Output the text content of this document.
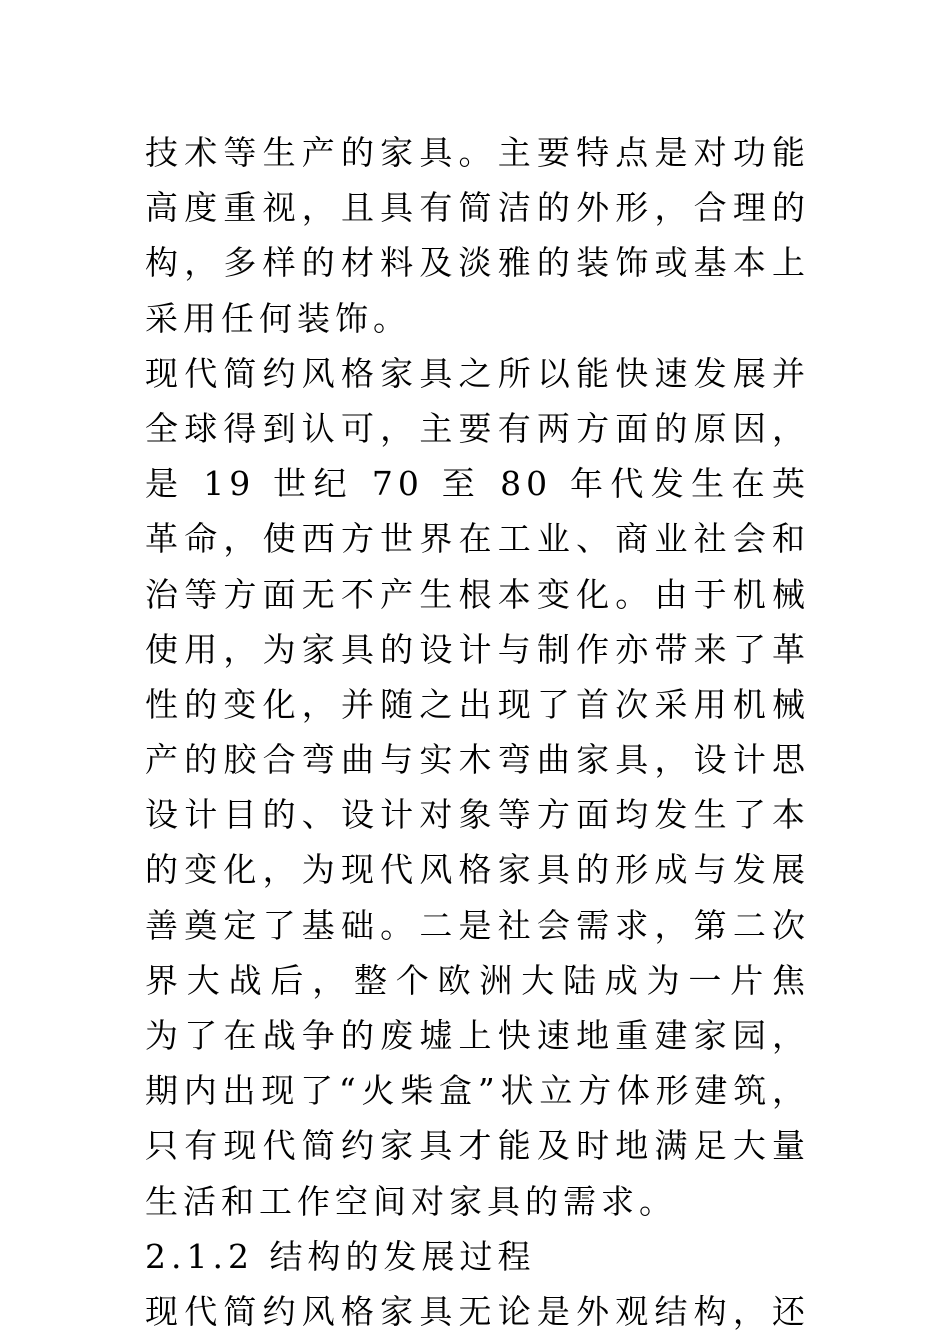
技术等生产的家具。主要特点是对功能
高度重视，且具有简洁的外形，合理的
构，多样的材料及淡雅的装饰或基本上
采用任何装饰。
现代简约风格家具之所以能快速发展并
全球得到认可，主要有两方面的原因，
是 19 世纪 70 至 80 年代发生在英
革命，使西方世界在工业、商业社会和
治等方面无不产生根本变化。由于机械
使用，为家具的设计与制作亦带来了革
性的变化，并随之出现了首次采用机械
产的胶合弯曲与实木弯曲家具，设计思
设计目的、设计对象等方面均发生了本
的变化，为现代风格家具的形成与发展
善奠定了基础。二是社会需求，第二次
界大战后，整个欧洲大陆成为一片焦
为了在战争的废墟上快速地重建家园，
期内出现了“火柴盒”状立方体形建筑，
只有现代简约家具才能及时地满足大量
生活和工作空间对家具的需求。
2.1.2 结构的发展过程
现代简约风格家具无论是外观结构，还
